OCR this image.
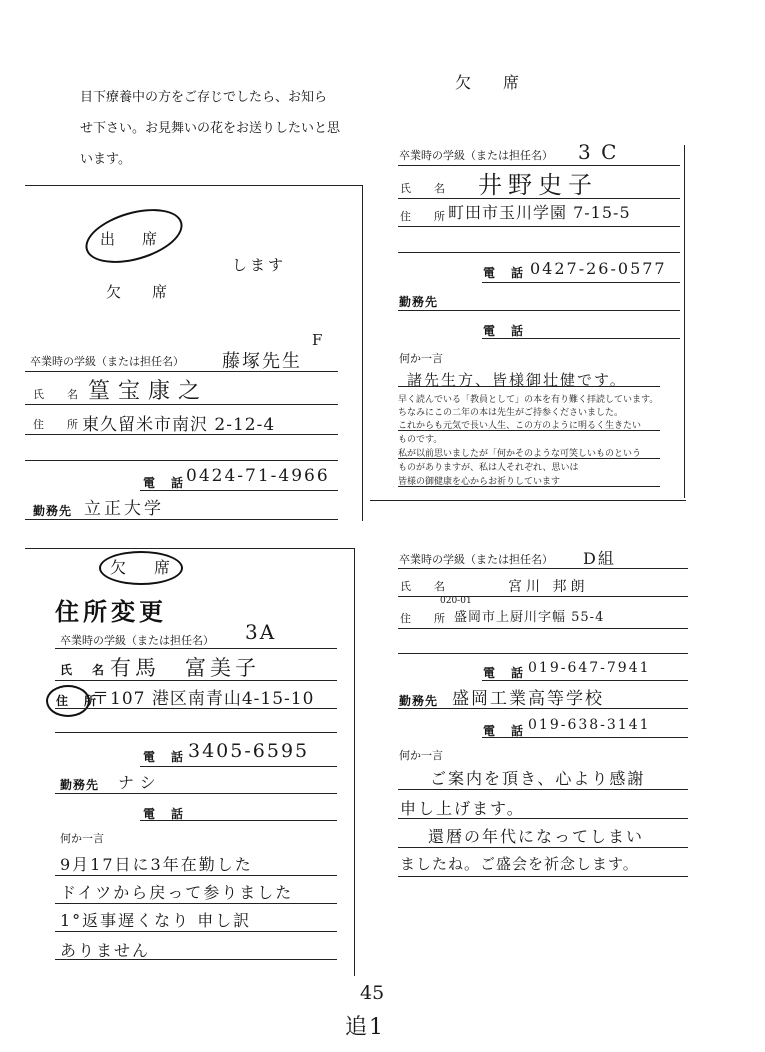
目下療養中の方をご存じでしたら、お知ら
せ下さい。お見舞いの花をお送りしたいと思
います。
欠　席
卒業時の学級（または担任名） 3 C
氏　名 井野史子
住　所
町田市玉川学園 7-15-5
電　話 0427-26-0577
勤務先
電　話
何か一言
諸先生方、皆様御壮健です。
早く読んでいる「教員として」の本を有り難く拝読しています。
ちなみにこの二年の本は先生がご持参くださいました。
これからも元気で長い人生、この方のように明るく生きたい
ものです。
私が以前思いましたが「何かそのような可笑しいものという
ものがありますが、私は人それぞれ、思いは
皆様の御健康を心からお祈りしています
出　席
します
欠　席
卒業時の学級（または担任名） 藤塚先生
F
氏　名 篁宝康之
住　所
東久留米市南沢 2-12-4
電　話 0424-71-4966
勤務先 立正大学
欠　席
住所変更
卒業時の学級（または担任名） 3A
氏　名 有馬　富美子
住　所
〒107 港区南青山4-15-10
電　話 3405-6595
勤務先 ナシ
電　話
何か一言
9月17日に3年在勤した
ドイツから戻って参りました
1°返事遅くなり 申し訳
ありません
卒業時の学級（または担任名） D組
氏　名	宮川 邦朗
020-01
住　所 盛岡市上厨川字幅 55-4
電　話 019-647-7941
勤務先 盛岡工業高等学校
電　話 019-638-3141
何か一言
ご案内を頂き、心より感謝
申し上げます。
還暦の年代になってしまい
ましたね。ご盛会を祈念します。
45
追1
